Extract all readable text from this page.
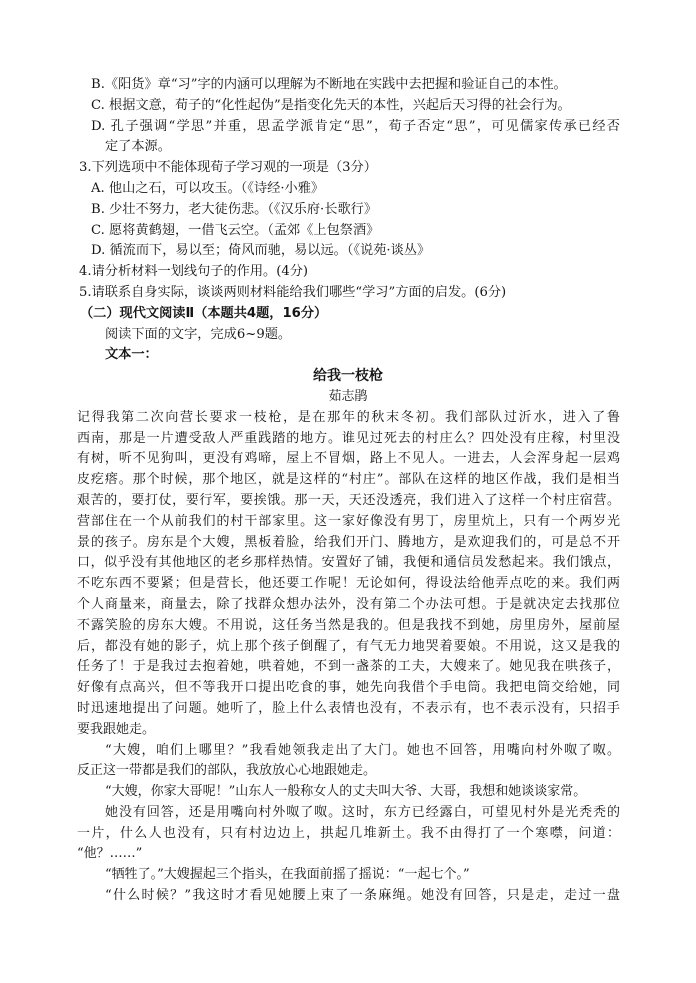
B.《阳货》章“习”字的内涵可以理解为不断地在实践中去把握和验证自己的本性。
C. 根据文意，荀子的“化性起伪”是指变化先天的本性，兴起后天习得的社会行为。
D. 孔子强调“学思”并重，思孟学派肯定“思”，荀子否定“思”，可见儒家传承已经否
定了本源。
3.下列选项中不能体现荀子学习观的一项是（3分）
A. 他山之石，可以攻玉。（《诗经·小雅》
B. 少壮不努力，老大徒伤悲。（《汉乐府·长歌行》
C. 愿将黄鹤翅，一借飞云空。（孟郊《上包祭酒》
D. 循流而下，易以至；倚风而驰，易以远。（《说苑·谈丛》
4.请分析材料一划线句子的作用。(4分)
5.请联系自身实际，谈谈两则材料能给我们哪些“学习”方面的启发。(6分)
（二）现代文阅读Ⅱ（本题共4题，16分）
阅读下面的文字，完成6~9题。
文本一：
给我一枝枪
茹志鹃
记得我第二次向营长要求一枝枪，是在那年的秋末冬初。我们部队过沂水，进入了鲁
西南，那是一片遭受敌人严重践踏的地方。谁见过死去的村庄么？四处没有庄稼，村里没
有树，听不见狗叫，更没有鸡啼，屋上不冒烟，路上不见人。一进去，人会浑身起一层鸡
皮疙瘩。那个时候，那个地区，就是这样的“村庄”。部队在这样的地区作战，我们是相当
艰苦的，要打仗，要行军，要挨饿。那一天，天还没透亮，我们进入了这样一个村庄宿营。
营部住在一个从前我们的村干部家里。这一家好像没有男丁，房里炕上，只有一个两岁光
景的孩子。房东是个大嫂，黑板着脸，给我们开门、腾地方，是欢迎我们的，可是总不开
口，似乎没有其他地区的老乡那样热情。安置好了铺，我便和通信员发愁起来。我们饿点，
不吃东西不要紧；但是营长，他还要工作呢！无论如何，得设法给他弄点吃的来。我们两
个人商量来，商量去，除了找群众想办法外，没有第二个办法可想。于是就决定去找那位
不露笑脸的房东大嫂。不用说，这任务当然是我的。但是我找不到她，房里房外，屋前屋
后，都没有她的影子，炕上那个孩子倒醒了，有气无力地哭着要娘。不用说，这又是我的
任务了！于是我过去抱着她，哄着她，不到一盏茶的工夫，大嫂来了。她见我在哄孩子，
好像有点高兴，但不等我开口提出吃食的事，她先向我借个手电筒。我把电筒交给她，同
时迅速地提出了问题。她听了，脸上什么表情也没有，不表示有，也不表示没有，只招手
要我跟她走。
“大嫂，咱们上哪里？”我看她领我走出了大门。她也不回答，用嘴向村外呶了呶。
反正这一带都是我们的部队，我放放心心地跟她走。
“大嫂，你家大哥呢！”山东人一般称女人的丈夫叫大爷、大哥，我想和她谈谈家常。
她没有回答，还是用嘴向村外呶了呶。这时，东方已经露白，可望见村外是光秃秃的
一片，什么人也没有，只有村边边上，拱起几堆新土。我不由得打了一个寒噤，问道：
“他？……”
“牺牲了。”大嫂握起三个指头，在我面前摇了摇说：“一起七个。”
“什么时候？”我这时才看见她腰上束了一条麻绳。她没有回答，只是走，走过一盘
